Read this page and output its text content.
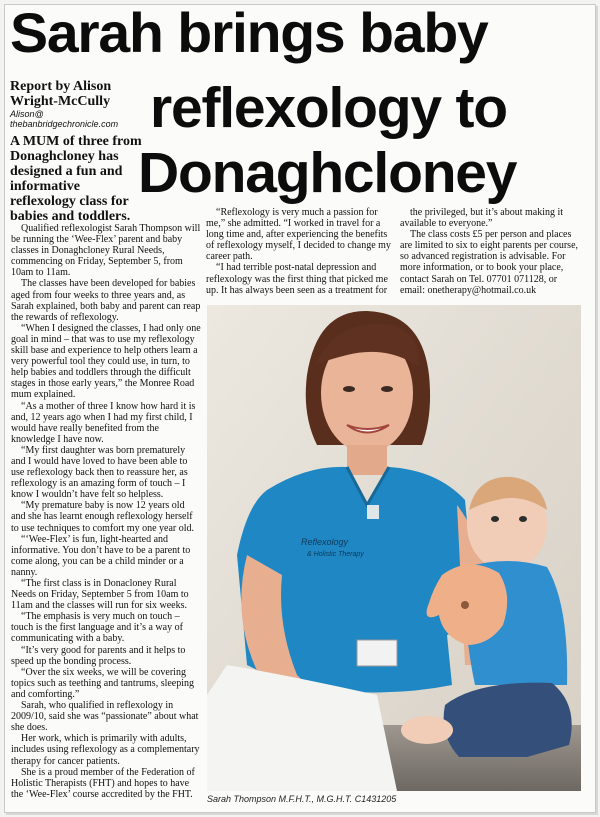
Sarah brings baby
reflexology to
Donaghcloney
Report by Alison Wright-McCully
Alison@
thebanbridgechronicle.com
A MUM of three from Donaghcloney has designed a fun and informative reflexology class for babies and toddlers.

Qualified reflexologist Sarah Thompson will be running the ‘Wee-Flex’ parent and baby classes in Donaghcloney Rural Needs, commencing on Friday, September 5, from 10am to 11am.

The classes have been developed for babies aged from four weeks to three years and, as Sarah explained, both baby and parent can reap the rewards of reflexology.

“When I designed the classes, I had only one goal in mind – that was to use my reflexology skill base and experience to help others learn a very powerful tool they could use, in turn, to help babies and toddlers through the difficult stages in those early years,” the Monree Road mum explained.

“As a mother of three I know how hard it is and, 12 years ago when I had my first child, I would have really benefited from the knowledge I have now.

“My first daughter was born prematurely and I would have loved to have been able to use reflexology back then to reassure her, as reflexology is an amazing form of touch – I know I wouldn’t have felt so helpless.

“My premature baby is now 12 years old and she has learnt enough reflexology herself to use techniques to comfort my one year old.

“‘Wee-Flex’ is fun, light-hearted and informative. You don’t have to be a parent to come along, you can be a child minder or a nanny.

“The first class is in Donacloney Rural Needs on Friday, September 5 from 10am to 11am and the classes will run for six weeks.

“The emphasis is very much on touch – touch is the first language and it’s a way of communicating with a baby.

“It’s very good for parents and it helps to speed up the bonding process.

“Over the six weeks, we will be covering topics such as teething and tantrums, sleeping and comforting.”

Sarah, who qualified in reflexology in 2009/10, said she was “passionate” about what she does.

Her work, which is primarily with adults, includes using reflexology as a complementary therapy for cancer patients.

She is a proud member of the Federation of Holistic Therapists (FHT) and hopes to have the ‘Wee-Flex’ course accredited by the FHT.

“Reflexology is very much a passion for me,” she admitted. “I worked in travel for a long time and, after experiencing the benefits of reflexology myself, I decided to change my career path.

“I had terrible post-natal depression and reflexology was the first thing that picked me up. It has always been seen as a treatment for

the privileged, but it’s about making it available to everyone.”

The class costs £5 per person and places are limited to six to eight parents per course, so advanced registration is advisable. For more information, or to book your place, contact Sarah on Tel. 07701 071128, or email: onetherapy@hotmail.co.uk

Reflexology
& Holistic Therapy
Sarah Thompson M.F.H.T., M.G.H.T. C1431205
